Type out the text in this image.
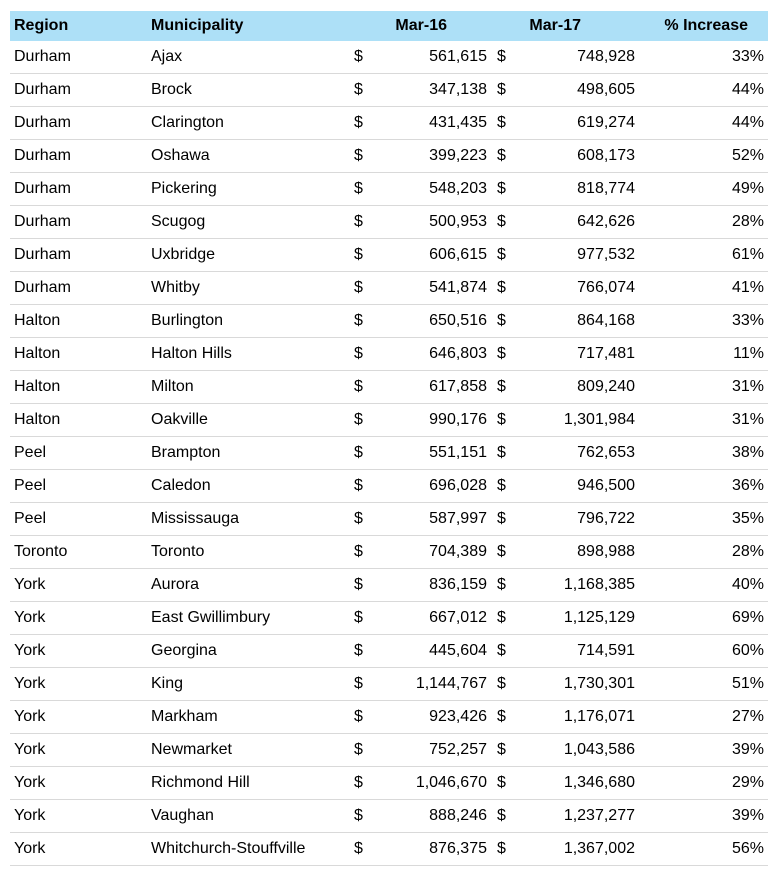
Region	Municipality	Mar-16	Mar-17	% Increase
Durham	Ajax	$	561,615 $	748,928	33%
Durham	Brock	$	347,138 $	498,605	44%
Durham	Clarington	$	431,435 $	619,274	44%
Durham	Oshawa	$	399,223 $	608,173	52%
Durham	Pickering	$	548,203 $	818,774	49%
Durham	Scugog	$	500,953 $	642,626	28%
Durham	Uxbridge	$	606,615 $	977,532	61%
Durham	Whitby	$	541,874 $	766,074	41%
Halton	Burlington	$	650,516 $	864,168	33%
Halton	Halton Hills	$	646,803 $	717,481	11%
Halton	Milton	$	617,858 $	809,240	31%
Halton	Oakville	$	990,176 $	1,301,984	31%
Peel	Brampton	$	551,151 $	762,653	38%
Peel	Caledon	$	696,028 $	946,500	36%
Peel	Mississauga	$	587,997 $	796,722	35%
Toronto	Toronto	$	704,389 $	898,988	28%
York	Aurora	$	836,159 $	1,168,385	40%
York	East Gwillimbury	$	667,012 $	1,125,129	69%
York	Georgina	$	445,604 $	714,591	60%
York	King	$	1,144,767 $	1,730,301	51%
York	Markham	$	923,426 $	1,176,071	27%
York	Newmarket	$	752,257 $	1,043,586	39%
York	Richmond Hill	$	1,046,670 $	1,346,680	29%
York	Vaughan	$	888,246 $	1,237,277	39%
York	Whitchurch-Stouffville	$	876,375 $	1,367,002	56%
